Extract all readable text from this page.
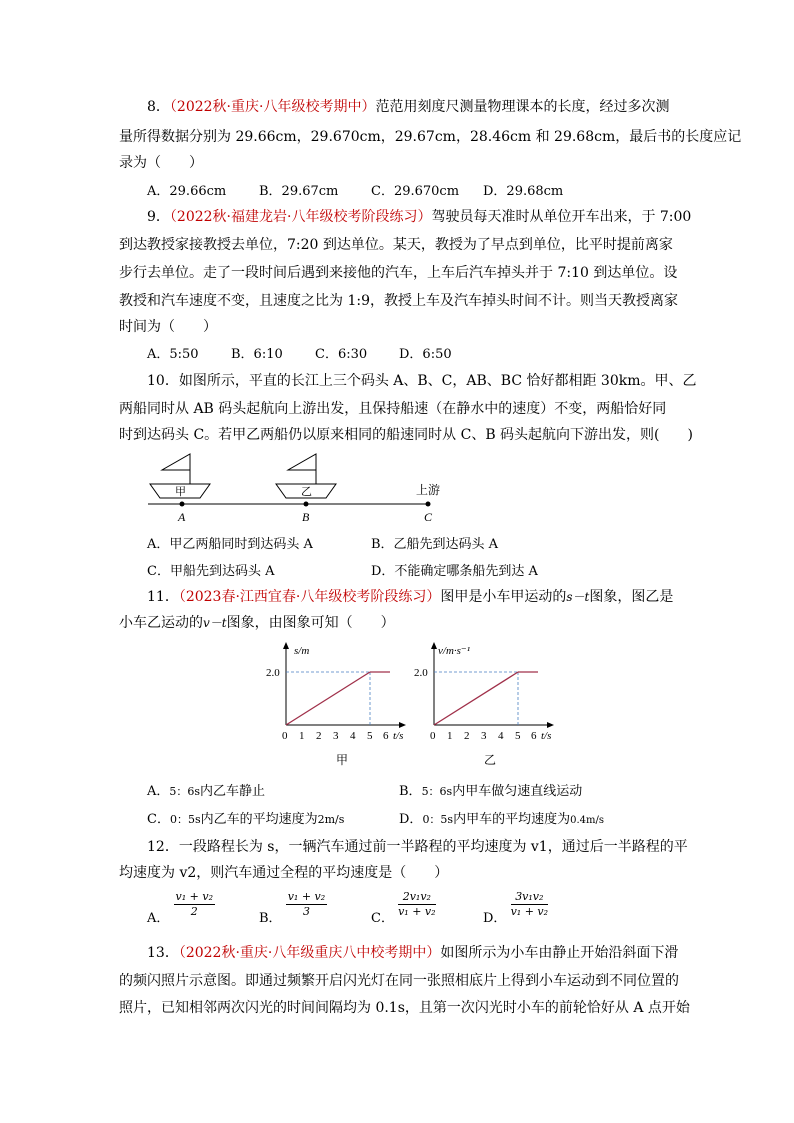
8．（2022秋·重庆·八年级校考期中）范范用刻度尺测量物理课本的长度，经过多次测
量所得数据分别为 29.66cm，29.670cm，29.67cm，28.46cm 和 29.68cm，最后书的长度应记
录为（　　）
A．29.66cm	B．29.67cm	C．29.670cm D．29.68cm
9．（2022秋·福建龙岩·八年级校考阶段练习）驾驶员每天准时从单位开车出来，于 7:00
到达教授家接教授去单位，7:20 到达单位。某天，教授为了早点到单位，比平时提前离家
步行去单位。走了一段时间后遇到来接他的汽车，上车后汽车掉头并于 7:10 到达单位。设
教授和汽车速度不变，且速度之比为 1:9，教授上车及汽车掉头时间不计。则当天教授离家
时间为（　　）
A．5:50 B．6:10 C．6:30 D．6:50
10．如图所示，平直的长江上三个码头 A、B、C，AB、BC 恰好都相距 30km。甲、乙
两船同时从 AB 码头起航向上游出发，且保持船速（在静水中的速度）不变，两船恰好同
时到达码头 C。若甲乙两船仍以原来相同的船速同时从 C、B 码头起航向下游出发，则(　　)
甲	乙	上游
A	B	C
A．甲乙两船同时到达码头 A	B．乙船先到达码头 A
C．甲船先到达码头 A	D．不能确定哪条船先到达 A
11．（2023春·江西宜春·八年级校考阶段练习）图甲是小车甲运动的s－t图象，图乙是
小车乙运动的v－t图象，由图象可知（　　）
s/m
2.0
0 1 2 3 4 5 6 t/s
甲
v/m·s⁻¹
2.0
0 1 2 3 4 5 6 t/s
乙
A．5：6s内乙车静止	B．5：6s内甲车做匀速直线运动
C．0：5s内乙车的平均速度为2m/s	D．0：5s内甲车的平均速度为0.4m/s
12．一段路程长为 s，一辆汽车通过前一半路程的平均速度为 v1，通过后一半路程的平
均速度为 v2，则汽车通过全程的平均速度是（　　）
A． $\frac{\text{v₁ + v₂}}{2}$	B． $\frac{\text{v₁ + v₂}}{3}$	C． $\frac{\text{2v₁v₂}}{\text{v₁ + v₂}}$	D． $\frac{\text{3v₁v₂}}{\text{v₁ + v₂}}$
13．（2022秋·重庆·八年级重庆八中校考期中）如图所示为小车由静止开始沿斜面下滑
的频闪照片示意图。即通过频繁开启闪光灯在同一张照相底片上得到小车运动到不同位置的
照片，已知相邻两次闪光的时间间隔均为 0.1s，且第一次闪光时小车的前轮恰好从 A 点开始
